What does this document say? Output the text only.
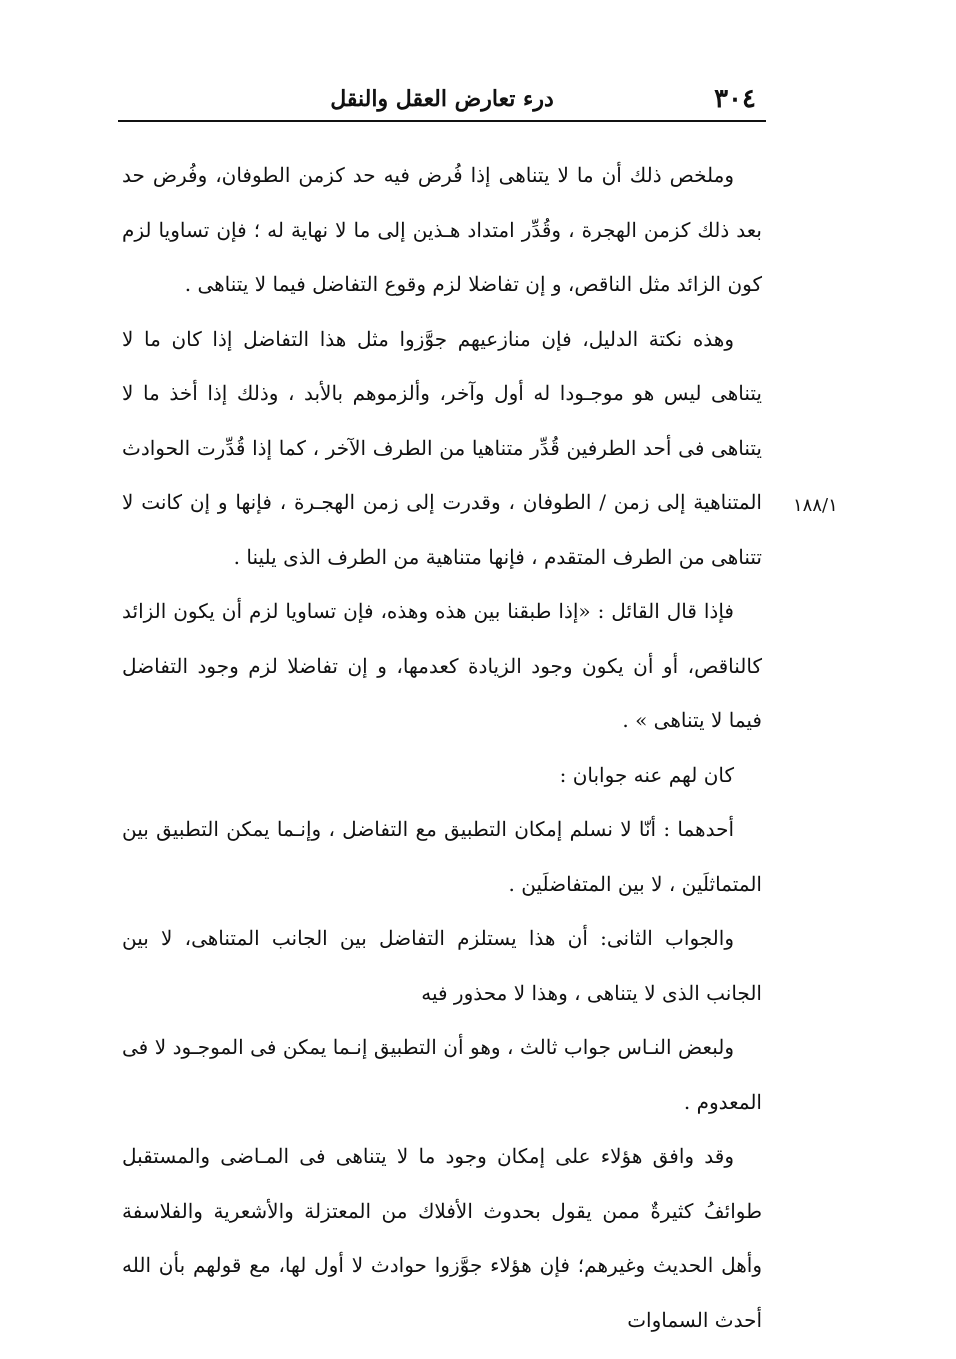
٣٠٤
درء تعارض العقل والنقل
١٨٨/١

وملخص ذلك أن ما لا يتناهى إذا فُرض فيه حد كزمن الطوفان، وفُرض حد بعد ذلك كزمن الهجرة ، وقُدِّر امتداد هـذين إلى ما لا نهاية له ؛ فإن تساويا لزم كون الزائد مثل الناقص، و إن تفاضلا لزم وقوع التفاضل فيما لا يتناهى .

وهذه نكتة الدليل، فإن منازعيهم جوَّزوا مثل هذا التفاضل إذا كان ما لا يتناهى ليس هو موجـودا له أول وآخر، وألزموهم بالأبد ، وذلك إذا أخذ ما لا يتناهى فى أحد الطرفين قُدِّر متناهيا من الطرف الآخر ، كما إذا قُدِّرت الحوادث المتناهية إلى زمن / الطوفان ، وقدرت إلى زمن الهجـرة ، فإنها و إن كانت لا تتناهى من الطرف المتقدم ، فإنها متناهية من الطرف الذى يلينا .

فإذا قال القائل : «إذا طبقنا بين هذه وهذه، فإن تساويا لزم أن يكون الزائد كالناقص، أو أن يكون وجود الزيادة كعدمها، و إن تفاضلا لزم وجود التفاضل فيما لا يتناهى » .

كان لهم عنه جوابان :

أحدهما : أنّا لا نسلم إمكان التطبيق مع التفاضل ، وإنـما يمكن التطبيق بين المتماثلَين ، لا بين المتفاضلَين .

والجواب الثانى: أن هذا يستلزم التفاضل بين الجانب المتناهى، لا بين الجانب الذى لا يتناهى ، وهذا لا محذور فيه

ولبعض النـاس جواب ثالث ، وهو أن التطبيق إنـما يمكن فى الموجـود لا فى المعدوم .

وقد وافق هؤلاء على إمكان وجود ما لا يتناهى فى المـاضى والمستقبل طوائفُ كثيرةٌ ممن يقول بحدوث الأفلاك من المعتزلة والأشعرية والفلاسفة وأهل الحديث وغيرهم؛ فإن هؤلاء جوَّزوا حوادث لا أول لها، مع قولهم بأن الله أحدث السماوات
